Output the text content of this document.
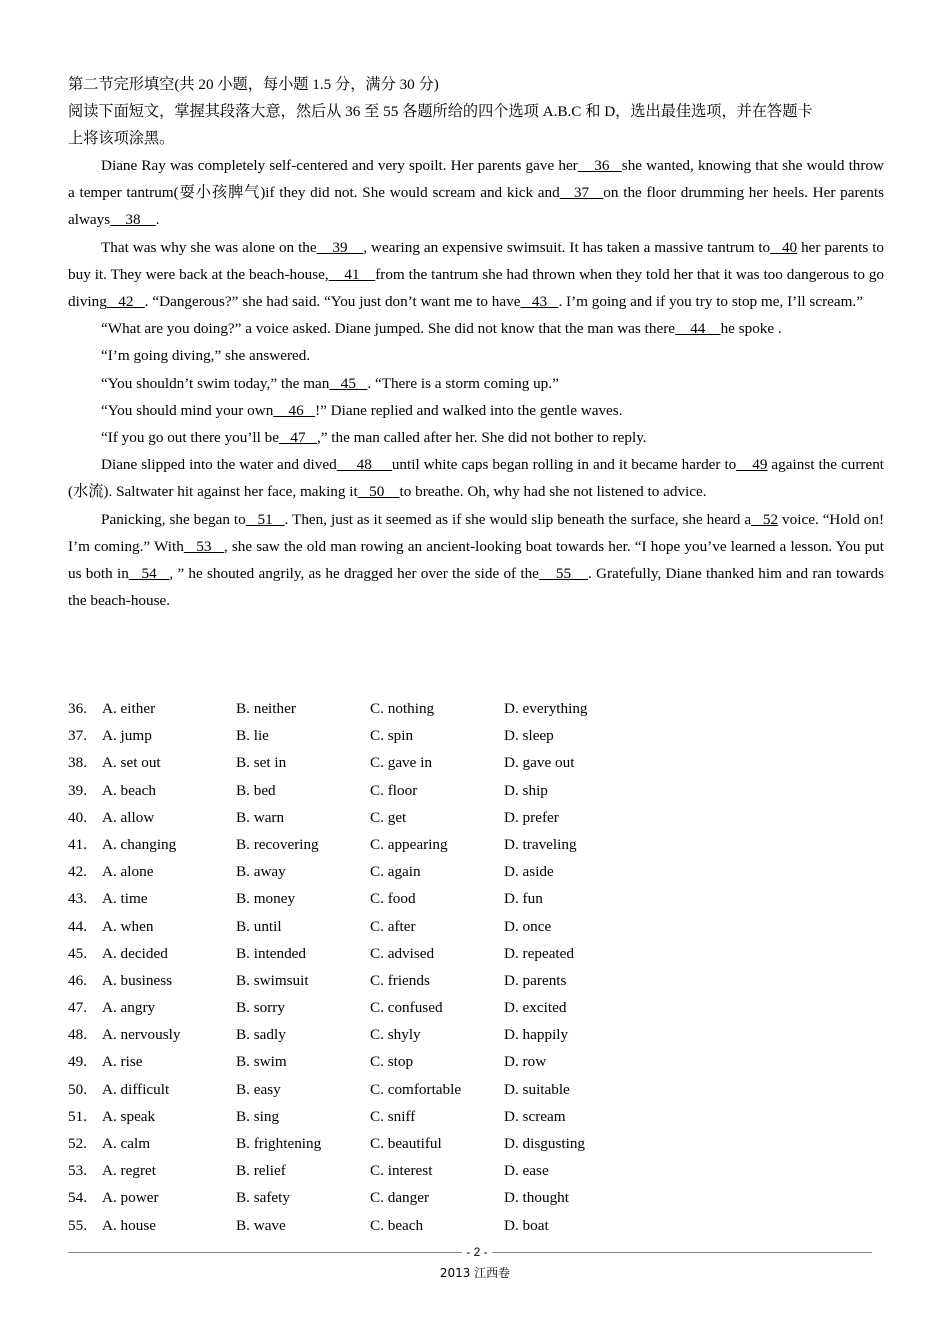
第二节完形填空(共 20 小题，每小题 1.5 分，满分 30 分)
阅读下面短文，掌握其段落大意，然后从 36 至 55 各题所给的四个选项 A.B.C 和 D，选出最佳选项，并在答题卡
上将该项涂黑。

Diane Ray was completely self-centered and very spoilt. Her parents gave her    36   she wanted, knowing that she would throw a temper tantrum(耍小孩脾气)if they did not. She would scream and kick and   37   on the floor drumming her heels. Her parents always    38    .

That was why she was alone on the    39    , wearing an expensive swimsuit. It has taken a massive tantrum to   40 her parents to buy it. They were back at the beach-house,    41    from the tantrum she had thrown when they told her that it was too dangerous to go diving   42   . “Dangerous?” she had said. “You just don’t want me to have   43   . I’m going and if you try to stop me, I’ll scream.”

“What are you doing?” a voice asked. Diane jumped. She did not know that the man was there    44    he spoke .

“I’m going diving,” she answered.

“You shouldn’t swim today,” the man   45   . “There is a storm coming up.”

“You should mind your own    46   !” Diane replied and walked into the gentle waves.

“If you go out there you’ll be   47   ,” the man called after her. She did not bother to reply.

Diane slipped into the water and dived     48     until white caps began rolling in and it became harder to    49 against the current (水流). Saltwater hit against her face, making it   50    to breathe. Oh, why had she not listened to advice.

Panicking, she began to   51   . Then, just as it seemed as if she would slip beneath the surface, she heard a   52 voice. “Hold on! I’m coming.” With   53   , she saw the old man rowing an ancient-looking boat towards her. “I hope you’ve learned a lesson. You put us both in   54   , ” he shouted angrily, as he dragged her over the side of the    55    . Gratefully, Diane thanked him and ran towards the beach-house.

36. A. either	B. neither	C. nothing	D. everything
37. A. jump	B. lie	C. spin	D. sleep
38. A. set out	B. set in	C. gave in	D. gave out
39. A. beach	B. bed	C. floor	D. ship
40. A. allow	B. warn	C. get	D. prefer
41. A. changing	B. recovering	C. appearing	D. traveling
42. A. alone	B. away	C. again	D. aside
43. A. time	B. money	C. food	D. fun
44. A. when	B. until	C. after	D. once
45. A. decided	B. intended	C. advised	D. repeated
46. A. business	B. swimsuit	C. friends	D. parents
47. A. angry	B. sorry	C. confused	D. excited
48. A. nervously	B. sadly	C. shyly	D. happily
49. A. rise	B. swim	C. stop	D. row
50. A. difficult	B. easy	C. comfortable	D. suitable
51. A. speak	B. sing	C. sniff	D. scream
52. A. calm	B. frightening	C. beautiful	D. disgusting
53. A. regret	B. relief	C. interest	D. ease
54. A. power	B. safety	C. danger	D. thought
55. A. house	B. wave	C. beach	D. boat
- 2 -
2013 江西卷
